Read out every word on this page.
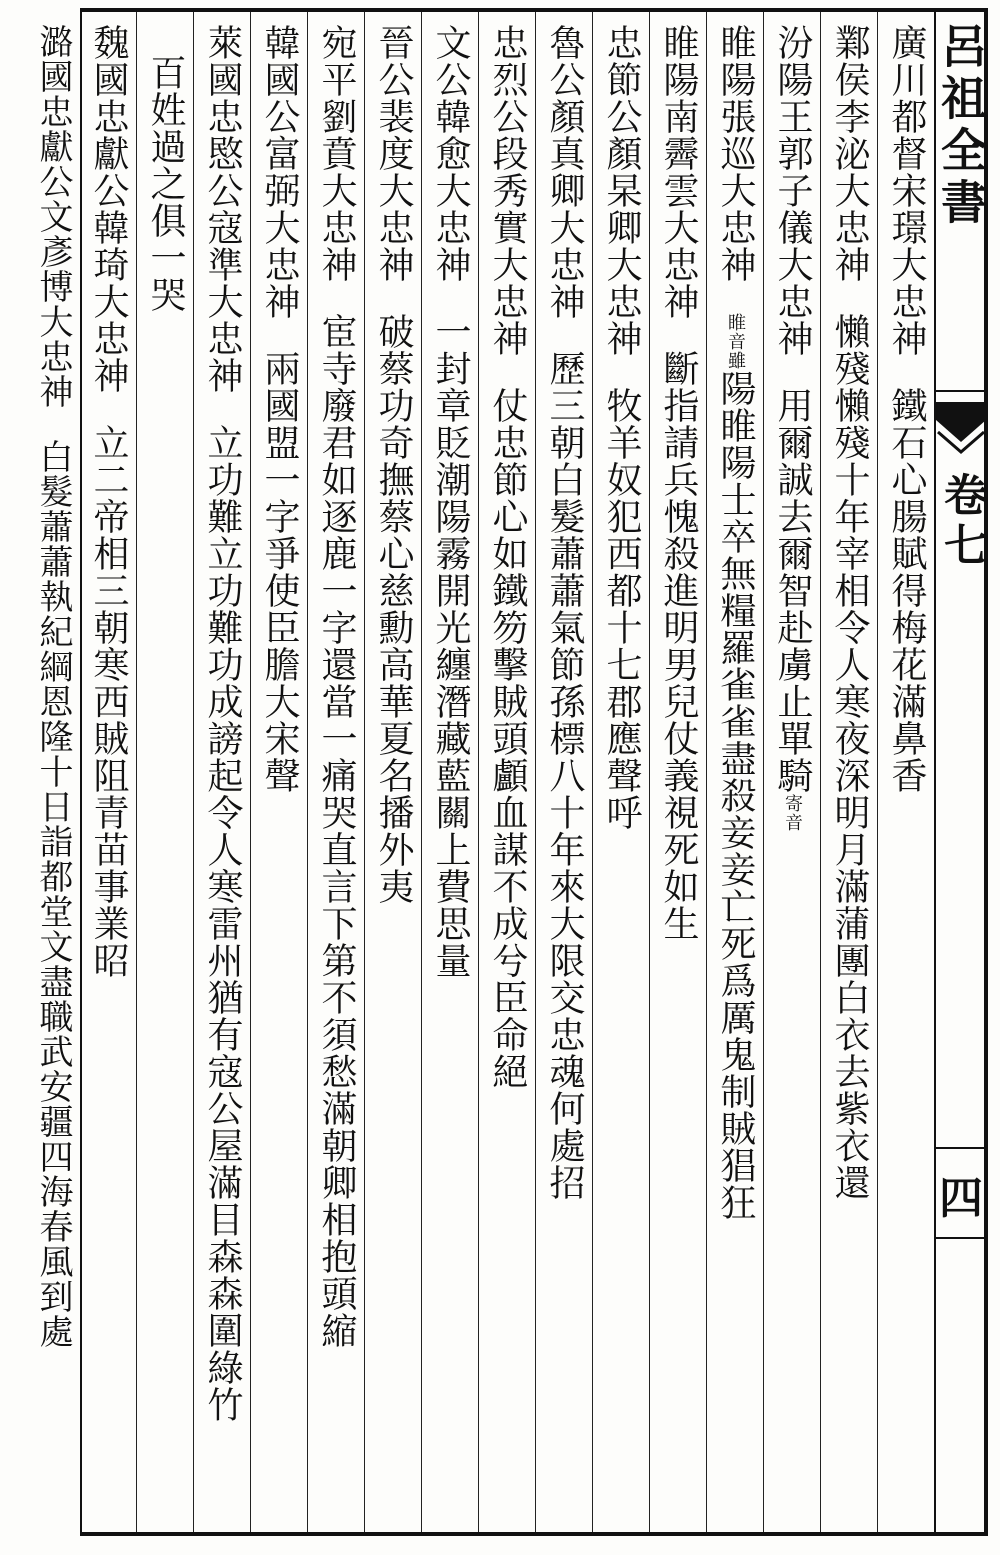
廣川都督宋璟大忠神鐵石心腸賦得梅花滿鼻香
鄴侯李泌大忠神懶殘懶殘十年宰相令人寒夜深明月滿蒲團白衣去紫衣還
汾陽王郭子儀大忠神用爾誠去爾智赴虜止單騎寄音
睢陽張巡大忠神睢音雖陽睢陽士卒無糧羅雀雀盡殺妾妾亡死爲厲鬼制賊猖狂
睢陽南霽雲大忠神斷指請兵愧殺進明男兒仗義視死如生
忠節公顏杲卿大忠神牧羊奴犯西都十七郡應聲呼
魯公顏真卿大忠神歷三朝白髮蕭蕭氣節孫標八十年來大限交忠魂何處招
忠烈公段秀實大忠神仗忠節心如鐵笏擊賊頭顱血謀不成兮臣命絕
文公韓愈大忠神一封章貶潮陽霧開光纏潛藏藍關上費思量
晉公裴度大忠神破蔡功奇撫蔡心慈勳高華夏名播外夷
宛平劉賁大忠神宦寺廢君如逐鹿一字還當一痛哭直言下第不須愁滿朝卿相抱頭縮
韓國公富弼大忠神兩國盟一字爭使臣膽大宋聲
萊國忠愍公寇準大忠神立功難立功難功成謗起令人寒雷州猶有寇公屋滿目森森圍綠竹
百姓過之俱一哭
魏國忠獻公韓琦大忠神立二帝相三朝寒西賊阻青苗事業昭
潞國忠獻公文彥博大忠神白髮蕭蕭執紀綱恩隆十日詣都堂文盡職武安疆四海春風到處
呂祖全書
卷七
四
